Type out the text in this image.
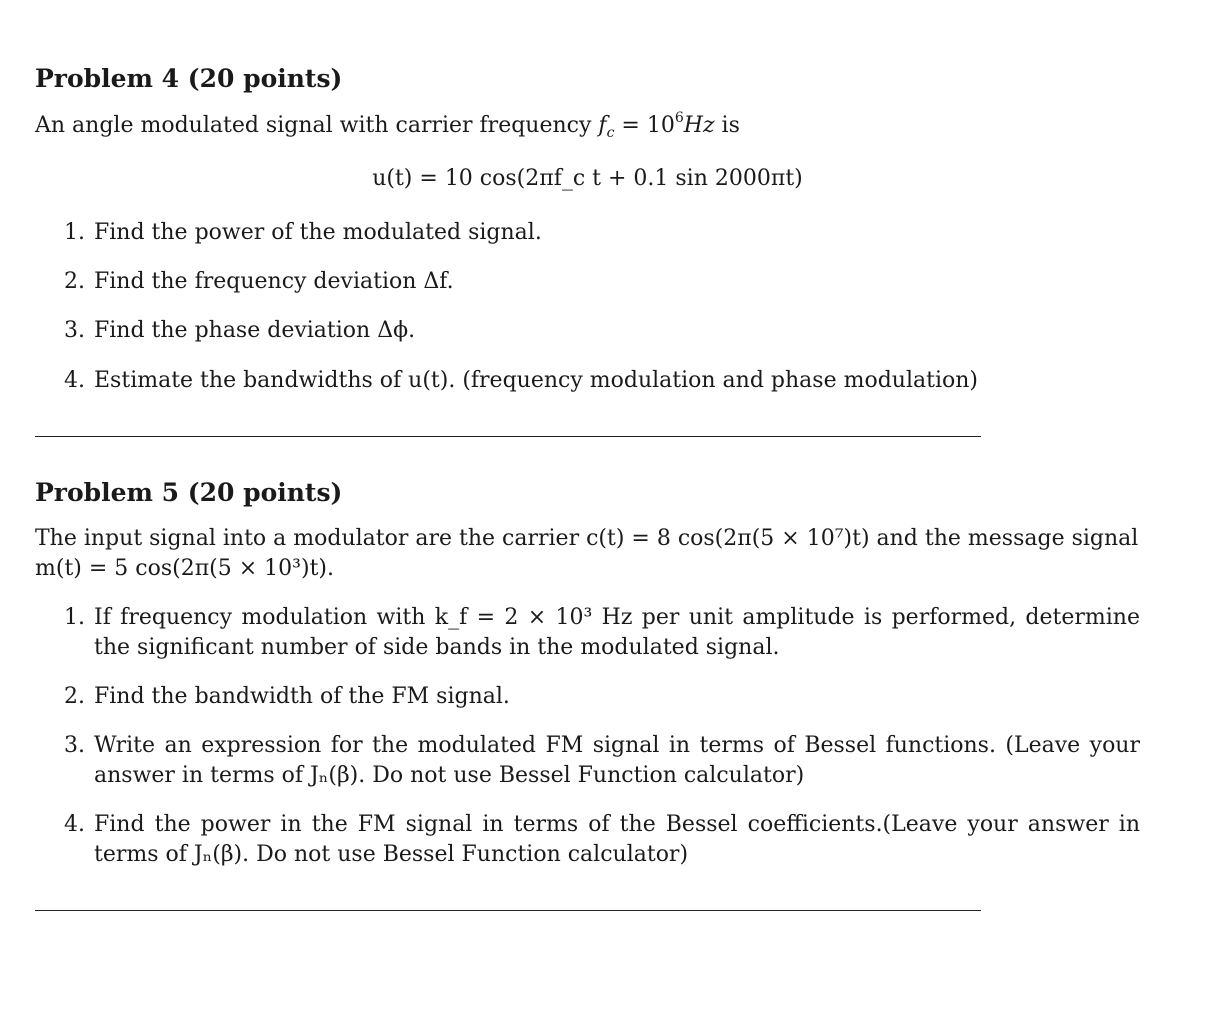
Problem 4 (20 points)
An angle modulated signal with carrier frequency $f_c = 10^6Hz$ is
u(t) = 10 cos(2πf_c t + 0.1 sin 2000πt)
1. Find the power of the modulated signal.
2. Find the frequency deviation Δf.
3. Find the phase deviation Δϕ.
4. Estimate the bandwidths of u(t). (frequency modulation and phase modulation)
Problem 5 (20 points)
The input signal into a modulator are the carrier c(t) = 8 cos(2π(5 × 10⁷)t) and the message signal
m(t) = 5 cos(2π(5 × 10³)t).
1. If frequency modulation with k_f = 2 × 10³ Hz per unit amplitude is performed, determine the significant number of side bands in the modulated signal.
2. Find the bandwidth of the FM signal.
3. Write an expression for the modulated FM signal in terms of Bessel functions. (Leave your answer in terms of Jₙ(β). Do not use Bessel Function calculator)
4. Find the power in the FM signal in terms of the Bessel coefficients.(Leave your answer in terms of Jₙ(β). Do not use Bessel Function calculator)
